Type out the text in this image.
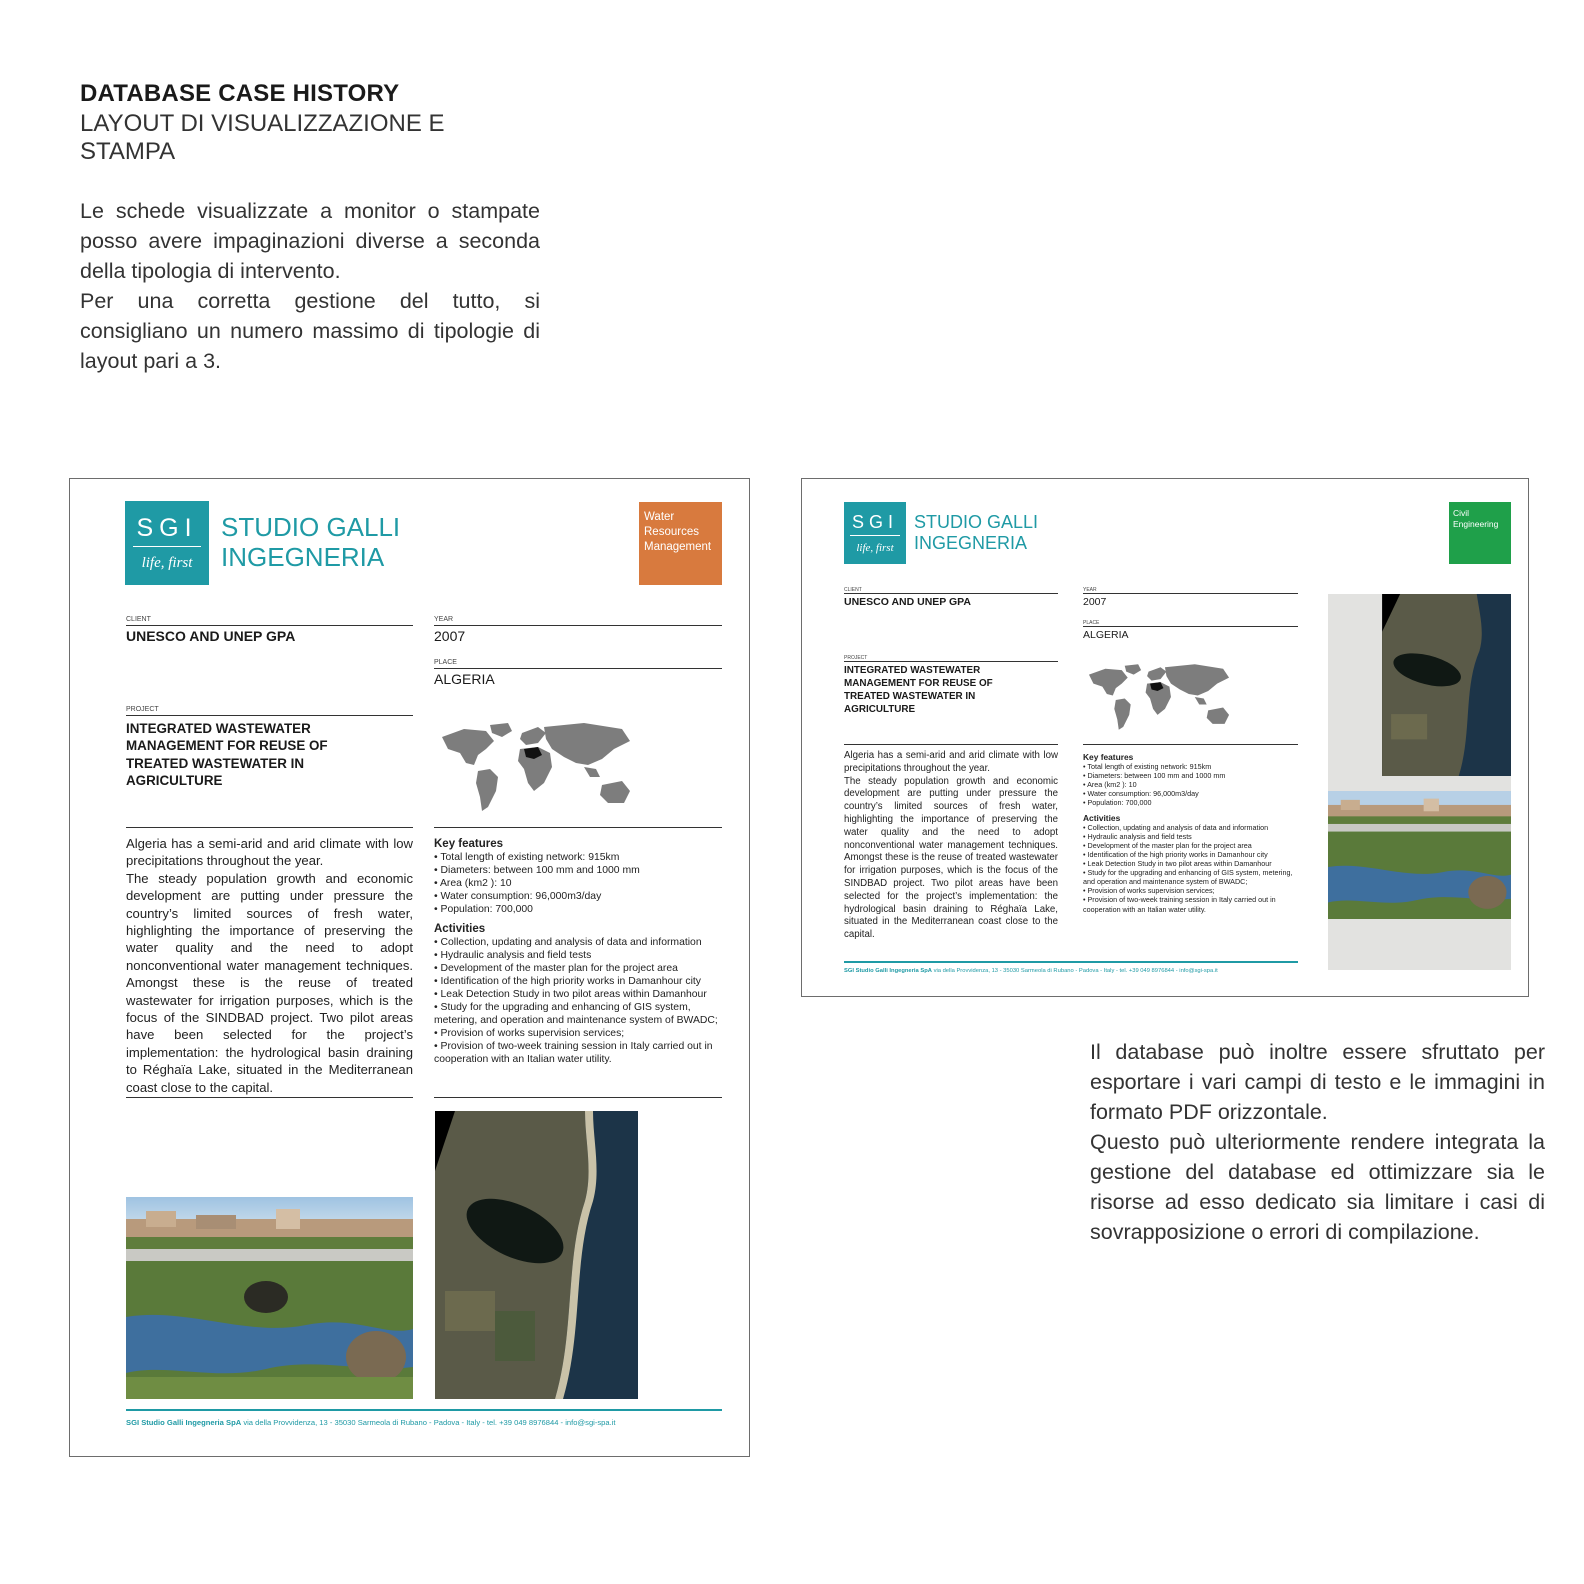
DATABASE CASE HISTORY
LAYOUT DI VISUALIZZAZIONE E STAMPA

Le schede visualizzate a monitor o stampate posso avere impaginazioni diverse a seconda della tipologia di intervento.

Per una corretta gestione del tutto, si consigliano un numero massimo di tipologie di layout pari a 3.

SGI
life, first
STUDIO GALLI
INGEGNERIA
Water Resources Management
CLIENT
UNESCO AND UNEP GPA
YEAR
2007
PLACE
ALGERIA
PROJECT
INTEGRATED WASTEWATER MANAGEMENT FOR REUSE OF TREATED WASTEWATER IN AGRICULTURE

Algeria has a semi-arid and arid climate with low precipitations throughout the year.

The steady population growth and economic development are putting under pressure the country’s limited sources of fresh water, highlighting the importance of preserving the water quality and the need to adopt nonconventional water management techniques. Amongst these is the reuse of treated wastewater for irrigation purposes, which is the focus of the SINDBAD project. Two pilot areas have been selected for the project’s implementation: the hydrological basin draining to Réghaïa Lake, situated in the Mediterranean coast close to the capital.

Key features
• Total length of existing network: 915km
• Diameters: between 100 mm and 1000 mm
• Area (km2 ): 10
• Water consumption: 96,000m3/day
• Population: 700,000
Activities
• Collection, updating and analysis of data and information
• Hydraulic analysis and field tests
• Development of the master plan for the project area
• Identification of the high priority works in Damanhour city
• Leak Detection Study in two pilot areas within Damanhour
• Study for the upgrading and enhancing of GIS system, metering, and operation and maintenance system of BWADC;
• Provision of works supervision services;
• Provision of two-week training session in Italy carried out in cooperation with an Italian water utility.
SGI Studio Galli Ingegneria SpA via della Provvidenza, 13 - 35030 Sarmeola di Rubano - Padova - Italy - tel. +39 049 8976844 - info@sgi-spa.it
SGI
life, first
STUDIO GALLI
INGEGNERIA
Civil Engineering
CLIENT
UNESCO AND UNEP GPA
YEAR
2007
PLACE
ALGERIA
PROJECT
INTEGRATED WASTEWATER MANAGEMENT FOR REUSE OF TREATED WASTEWATER IN AGRICULTURE

Algeria has a semi-arid and arid climate with low precipitations throughout the year.

The steady population growth and economic development are putting under pressure the country’s limited sources of fresh water, highlighting the importance of preserving the water quality and the need to adopt nonconventional water management techniques. Amongst these is the reuse of treated wastewater for irrigation purposes, which is the focus of the SINDBAD project. Two pilot areas have been selected for the project’s implementation: the hydrological basin draining to Réghaïa Lake, situated in the Mediterranean coast close to the capital.

Key features
• Total length of existing network: 915km
• Diameters: between 100 mm and 1000 mm
• Area (km2 ): 10
• Water consumption: 96,000m3/day
• Population: 700,000
Activities
• Collection, updating and analysis of data and information
• Hydraulic analysis and field tests
• Development of the master plan for the project area
• Identification of the high priority works in Damanhour city
• Leak Detection Study in two pilot areas within Damanhour
• Study for the upgrading and enhancing of GIS system, metering, and operation and maintenance system of BWADC;
• Provision of works supervision services;
• Provision of two-week training session in Italy carried out in cooperation with an Italian water utility.
SGI Studio Galli Ingegneria SpA via della Provvidenza, 13 - 35030 Sarmeola di Rubano - Padova - Italy - tel. +39 049 8976844 - info@sgi-spa.it

Il database può inoltre essere sfruttato per esportare i vari campi di testo e le immagini in formato PDF orizzontale.

Questo può ulteriormente rendere integrata la gestione del database ed ottimizzare sia le risorse ad esso dedicato sia limitare i casi di sovrapposizione o errori di compilazione.
